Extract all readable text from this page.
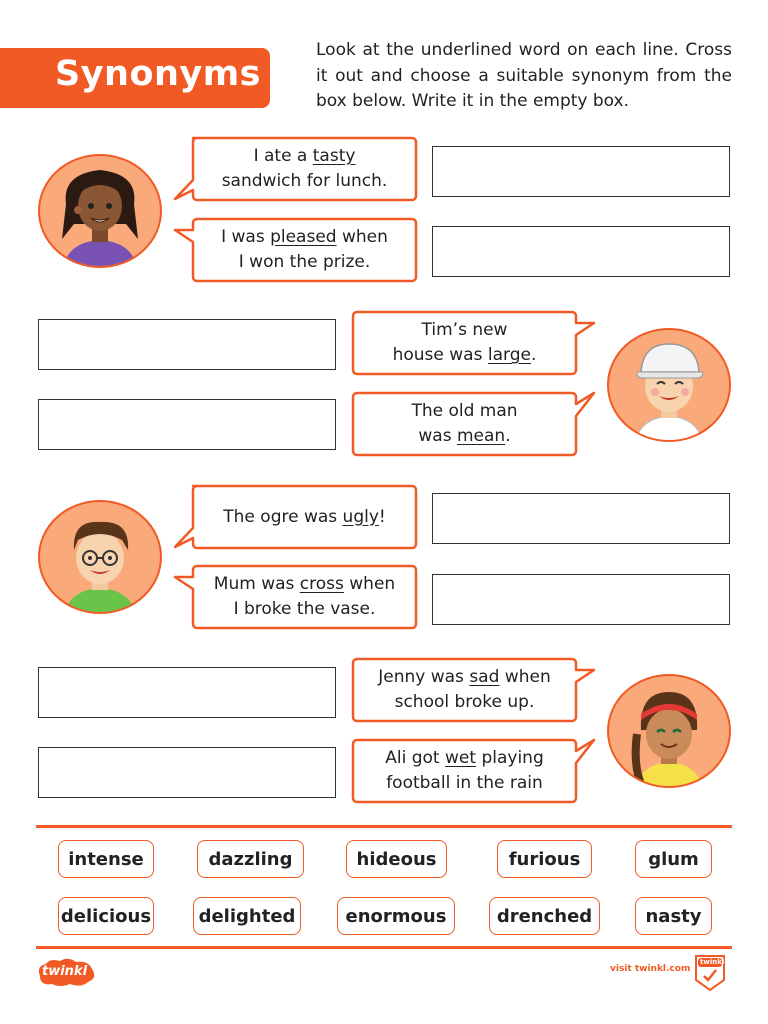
Synonyms
Look at the underlined word on each line. Cross it out and choose a suitable synonym from the box below. Write it in the empty box.
I ate a tasty
sandwich for lunch.
I was pleased when
I won the prize.
Tim’s new
house was large.
The old man
was mean.
The ogre was ugly!
Mum was cross when
I broke the vase.
Jenny was sad when
school broke up.
Ali got wet playing
football in the rain
intense	dazzling	hideous	furious	glum
delicious	delighted	enormous	drenched	nasty
twinkl	visit twinkl.com
twinkl
